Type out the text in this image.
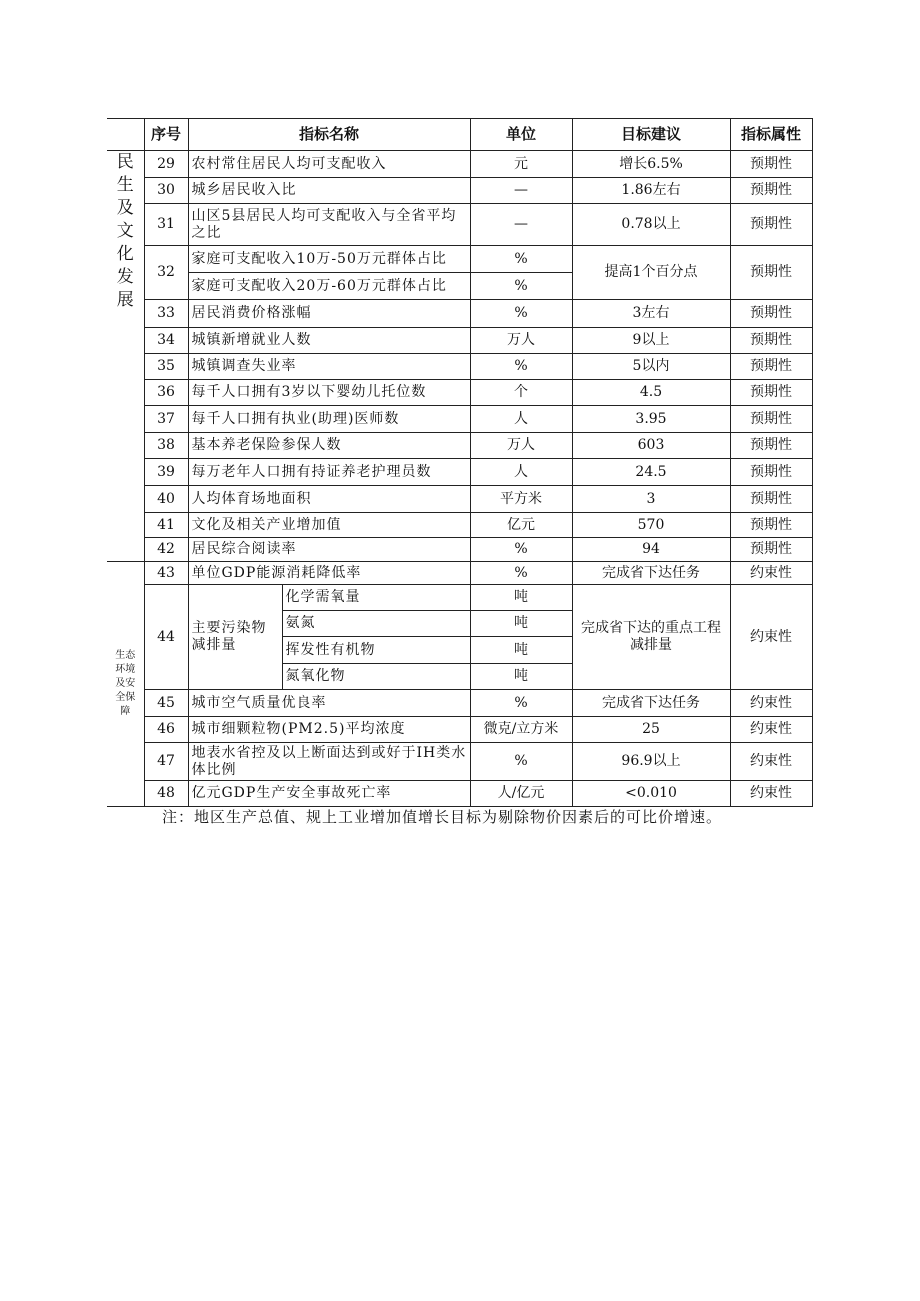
	序号	指标名称		单位	目标建议	指标属性
民生及文化发展	29	农村常住居民人均可支配收入		元	增长6.5%	预期性
	30	城乡居民收入比		—	1.86左右	预期性
	31	山区5县居民人均可支配收入与全省平均之比		—	0.78以上	预期性
	32	家庭可支配收入10万-50万元群体占比		%	提高1个百分点	预期性
		家庭可支配收入20万-60万元群体占比		%		
	33	居民消费价格涨幅		%	3左右	预期性
	34	城镇新增就业人数		万人	9以上	预期性
	35	城镇调查失业率		%	5以内	预期性
	36	每千人口拥有3岁以下婴幼儿托位数		个	4.5	预期性
	37	每千人口拥有执业(助理)医师数		人	3.95	预期性
	38	基本养老保险参保人数		万人	603	预期性
	39	每万老年人口拥有持证养老护理员数		人	24.5	预期性
	40	人均体育场地面积		平方米	3	预期性
	41	文化及相关产业增加值		亿元	570	预期性
	42	居民综合阅读率		%	94	预期性
生态环境及安全保障	43	单位GDP能源消耗降低率		%	完成省下达任务	约束性
	44	主要污染物减排量	化学需氧量	吨	完成省下达的重点工程减排量	约束性
			氨氮	吨		
			挥发性有机物	吨		
			氮氧化物	吨		
	45	城市空气质量优良率		%	完成省下达任务	约束性
	46	城市细颗粒物(PM2.5)平均浓度		微克/立方米	25	约束性
	47	地表水省控及以上断面达到或好于IH类水体比例		%	96.9以上	约束性
	48	亿元GDP生产安全事故死亡率		人/亿元	<0.010	约束性
注：地区生产总值、规上工业增加值增长目标为剔除物价因素后的可比价增速。
